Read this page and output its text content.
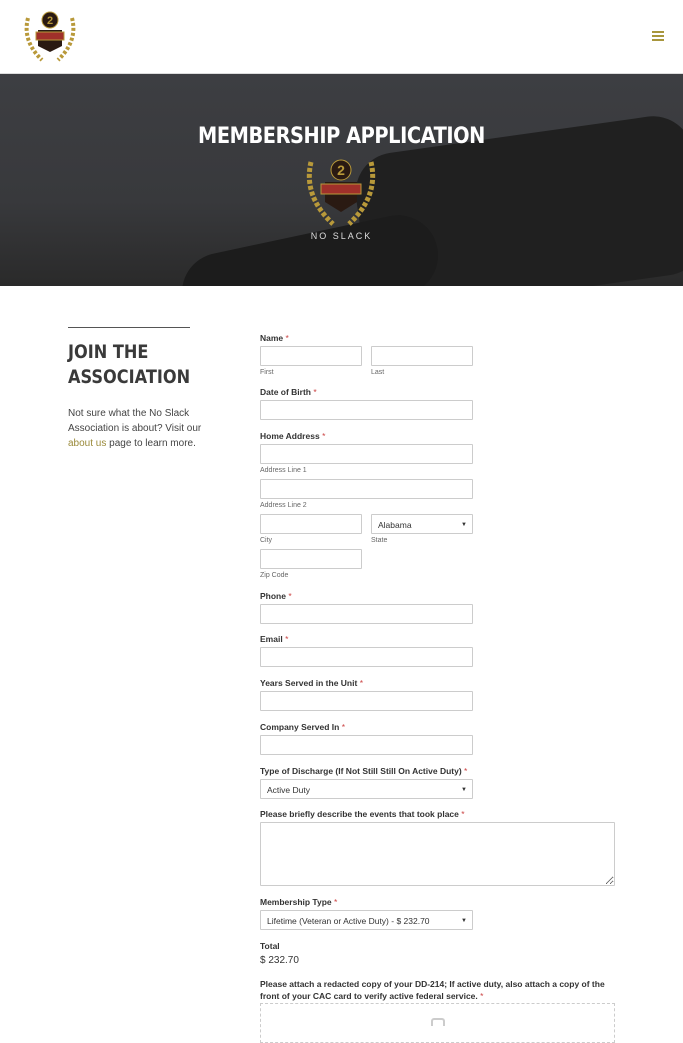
2
MEMBERSHIP APPLICATION
2
NO SLACK
JOIN THE
ASSOCIATION

Not sure what the No Slack Association is about? Visit our about us page to learn more.

Name *
First	Last
Date of Birth *
Home Address *
Address Line 1
Address Line 2
City
Alabama	▼
State
Zip Code
Phone *
Email *
Years Served in the Unit *
Company Served In *
Type of Discharge (If Not Still Still On Active Duty) *
Active Duty	▼
Please briefly describe the events that took place *
Membership Type *
Lifetime (Veteran or Active Duty) - $ 232.70	▼
Total
$ 232.70
Please attach a redacted copy of your DD-214; If active duty, also attach a copy of the front of your CAC card to verify active federal service. *
